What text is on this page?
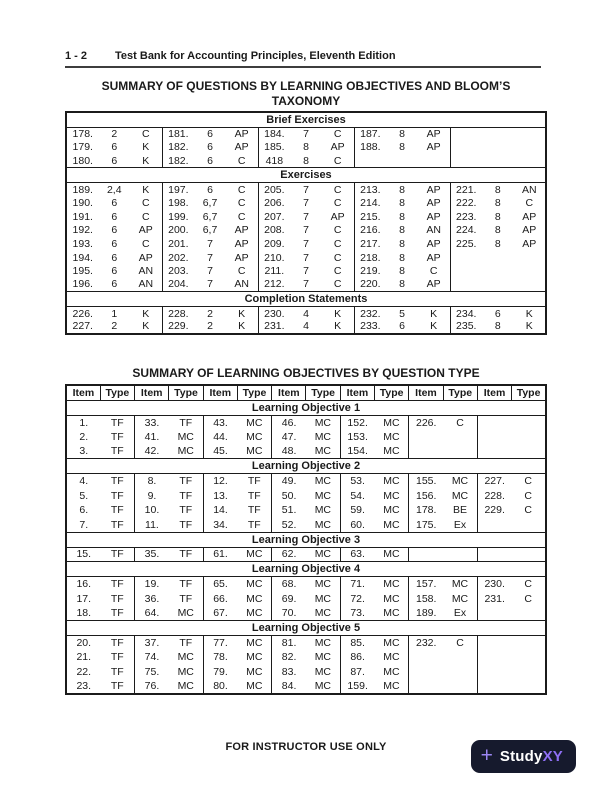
1 - 2	Test Bank for Accounting Principles, Eleventh Edition
SUMMARY OF QUESTIONS BY LEARNING OBJECTIVES AND BLOOM’S
TAXONOMY
Brief Exercises				

178. 2 C	181. 6 AP	184. 7 C	187. 8 AP	

179. 6 K	182. 6 AP	185. 8 AP	188. 8 AP	

180. 6 K	182. 6 C	418 8 C		

Exercises				

189. 2,4 K	197. 6 C	205. 7 C	213. 8 AP	221. 8 AN

190. 6 C	198. 6,7 C	206. 7 C	214. 8 AP	222. 8 C

191. 6 C	199. 6,7 C	207. 7 AP	215. 8 AP	223. 8 AP

192. 6 AP	200. 6,7 AP	208. 7 C	216. 8 AN	224. 8 AP

193. 6 C	201. 7 AP	209. 7 C	217. 8 AP	225. 8 AP

194. 6 AP	202. 7 AP	210. 7 C	218. 8 AP	

195. 6 AN	203. 7 C	211. 7 C	219. 8 C	

196. 6 AN	204. 7 AN	212. 7 C	220. 8 AP	

Completion Statements				

226. 1 K	228. 2 K	230. 4 K	232. 5 K	234. 6 K

227. 2 K	229. 2 K	231. 4 K	233. 6 K	235. 8 K
SUMMARY OF LEARNING OBJECTIVES BY QUESTION TYPE
Item	Type	Item	Type	Item	Type	Item	Type	Item	Type	Item	Type	Item	Type
Learning Objective 1													

1. TF		33. TF		43. MC		46. MC		152. MC		226. C			

2. TF		41. MC		44. MC		47. MC		153. MC					

3. TF		42. MC		45. MC		48. MC		154. MC					

Learning Objective 2													

4. TF		8. TF		12. TF		49. MC		53. MC		155. MC		227. C	

5. TF		9. TF		13. TF		50. MC		54. MC		156. MC		228. C	

6. TF		10. TF		14. TF		51. MC		59. MC		178. BE		229. C	

7. TF		11. TF		34. TF		52. MC		60. MC		175. Ex			

Learning Objective 3													

15. TF		35. TF		61. MC		62. MC		63. MC					

Learning Objective 4													

16. TF		19. TF		65. MC		68. MC		71. MC		157. MC		230. C	

17. TF		36. TF		66. MC		69. MC		72. MC		158. MC		231. C	

18. TF		64. MC		67. MC		70. MC		73. MC		189. Ex			

Learning Objective 5													

20. TF		37. TF		77. MC		81. MC		85. MC		232. C			

21. TF		74. MC		78. MC		82. MC		86. MC					

22. TF		75. MC		79. MC		83. MC		87. MC					

23. TF		76. MC		80. MC		84. MC		159. MC					

FOR INSTRUCTOR USE ONLY	+ StudyXY
